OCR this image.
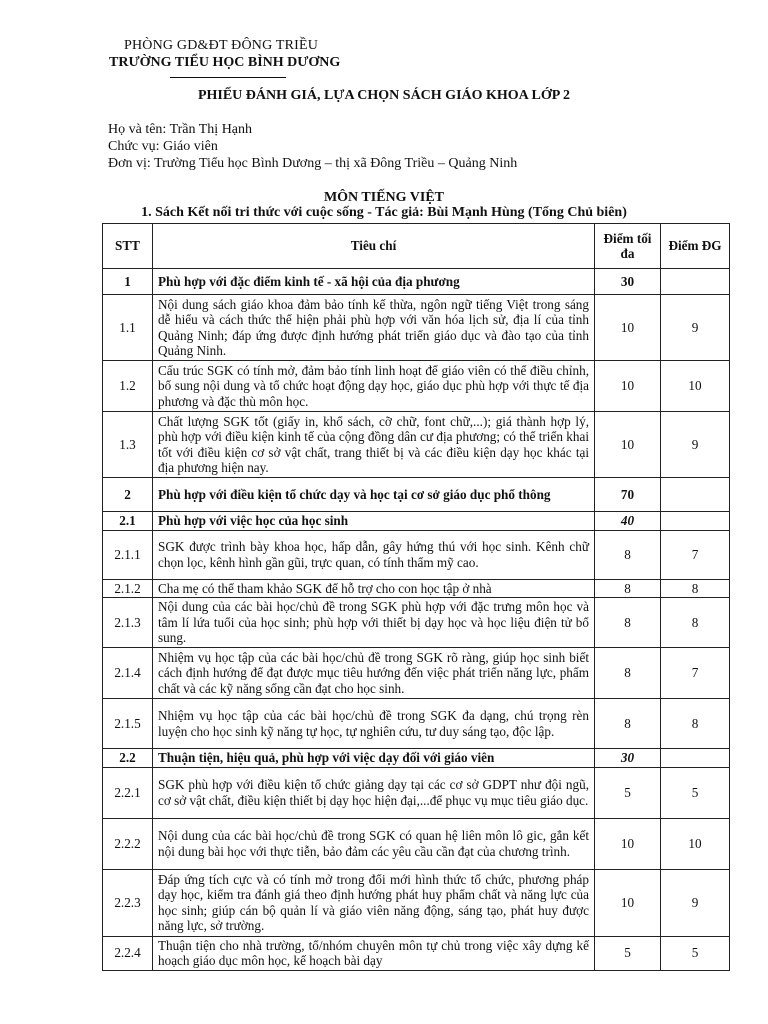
PHÒNG GD&ĐT ĐÔNG TRIỀU
TRƯỜNG TIỂU HỌC BÌNH DƯƠNG
PHIẾU ĐÁNH GIÁ, LỰA CHỌN SÁCH GIÁO KHOA LỚP 2
Họ và tên: Trần Thị Hạnh
Chức vụ: Giáo viên
Đơn vị: Trường Tiểu học Bình Dương – thị xã Đông Triều – Quảng Ninh
MÔN TIẾNG VIỆT
1. Sách Kết nối tri thức với cuộc sống - Tác giả: Bùi Mạnh Hùng (Tổng Chủ biên)
STT	Tiêu chí	Điểm tối đa	Điểm ĐG
1	Phù hợp với đặc điểm kinh tế - xã hội của địa phương	30	
1.1	Nội dung sách giáo khoa đảm bảo tính kế thừa, ngôn ngữ tiếng Việt trong sáng dễ hiểu và cách thức thể hiện phải phù hợp với văn hóa lịch sử, địa lí của tỉnh Quảng Ninh; đáp ứng được định hướng phát triển giáo dục và đào tạo của tỉnh Quảng Ninh.	10	9
1.2	Cấu trúc SGK có tính mở, đảm bảo tính linh hoạt để giáo viên có thể điều chỉnh, bổ sung nội dung và tổ chức hoạt động dạy học, giáo dục phù hợp với thực tế địa phương và đặc thù môn học.	10	10
1.3	Chất lượng SGK tốt (giấy in, khổ sách, cỡ chữ, font chữ,...); giá thành hợp lý, phù hợp với điều kiện kinh tế của cộng đồng dân cư địa phương; có thể triển khai tốt với điều kiện cơ sở vật chất, trang thiết bị và các điều kiện dạy học khác tại địa phương hiện nay.	10	9
2	Phù hợp với điều kiện tổ chức dạy và học tại cơ sở giáo dục phổ thông	70	
2.1	Phù hợp với việc học của học sinh	40	
2.1.1	SGK được trình bày khoa học, hấp dẫn, gây hứng thú với học sinh. Kênh chữ chọn lọc, kênh hình gần gũi, trực quan, có tính thẩm mỹ cao.	8	7
2.1.2	Cha mẹ có thể tham khảo SGK để hỗ trợ cho con học tập ở nhà	8	8
2.1.3	Nội dung của các bài học/chủ đề trong SGK phù hợp với đặc trưng môn học và tâm lí lứa tuổi của học sinh; phù hợp với thiết bị dạy học và học liệu điện tử bổ sung.	8	8
2.1.4	Nhiệm vụ học tập của các bài học/chủ đề trong SGK rõ ràng, giúp học sinh biết cách định hướng để đạt được mục tiêu hướng đến việc phát triển năng lực, phẩm chất và các kỹ năng sống cần đạt cho học sinh.	8	7
2.1.5	Nhiệm vụ học tập của các bài học/chủ đề trong SGK đa dạng, chú trọng rèn luyện cho học sinh kỹ năng tự học, tự nghiên cứu, tư duy sáng tạo, độc lập.	8	8
2.2	Thuận tiện, hiệu quả, phù hợp với việc dạy đối với giáo viên	30	
2.2.1	SGK phù hợp với điều kiện tổ chức giảng dạy tại các cơ sở GDPT như đội ngũ, cơ sở vật chất, điều kiện thiết bị dạy học hiện đại,...để phục vụ mục tiêu giáo dục.	5	5
2.2.2	Nội dung của các bài học/chủ đề trong SGK có quan hệ liên môn lô gic, gắn kết nội dung bài học với thực tiễn, bảo đảm các yêu cầu cần đạt của chương trình.	10	10
2.2.3	Đáp ứng tích cực và có tính mở trong đổi mới hình thức tổ chức, phương pháp dạy học, kiểm tra đánh giá theo định hướng phát huy phẩm chất và năng lực của học sinh; giúp cán bộ quản lí và giáo viên năng động, sáng tạo, phát huy được năng lực, sở trường.	10	9
2.2.4	Thuận tiện cho nhà trường, tổ/nhóm chuyên môn tự chủ trong việc xây dựng kế hoạch giáo dục môn học, kế hoạch bài dạy	5	5
